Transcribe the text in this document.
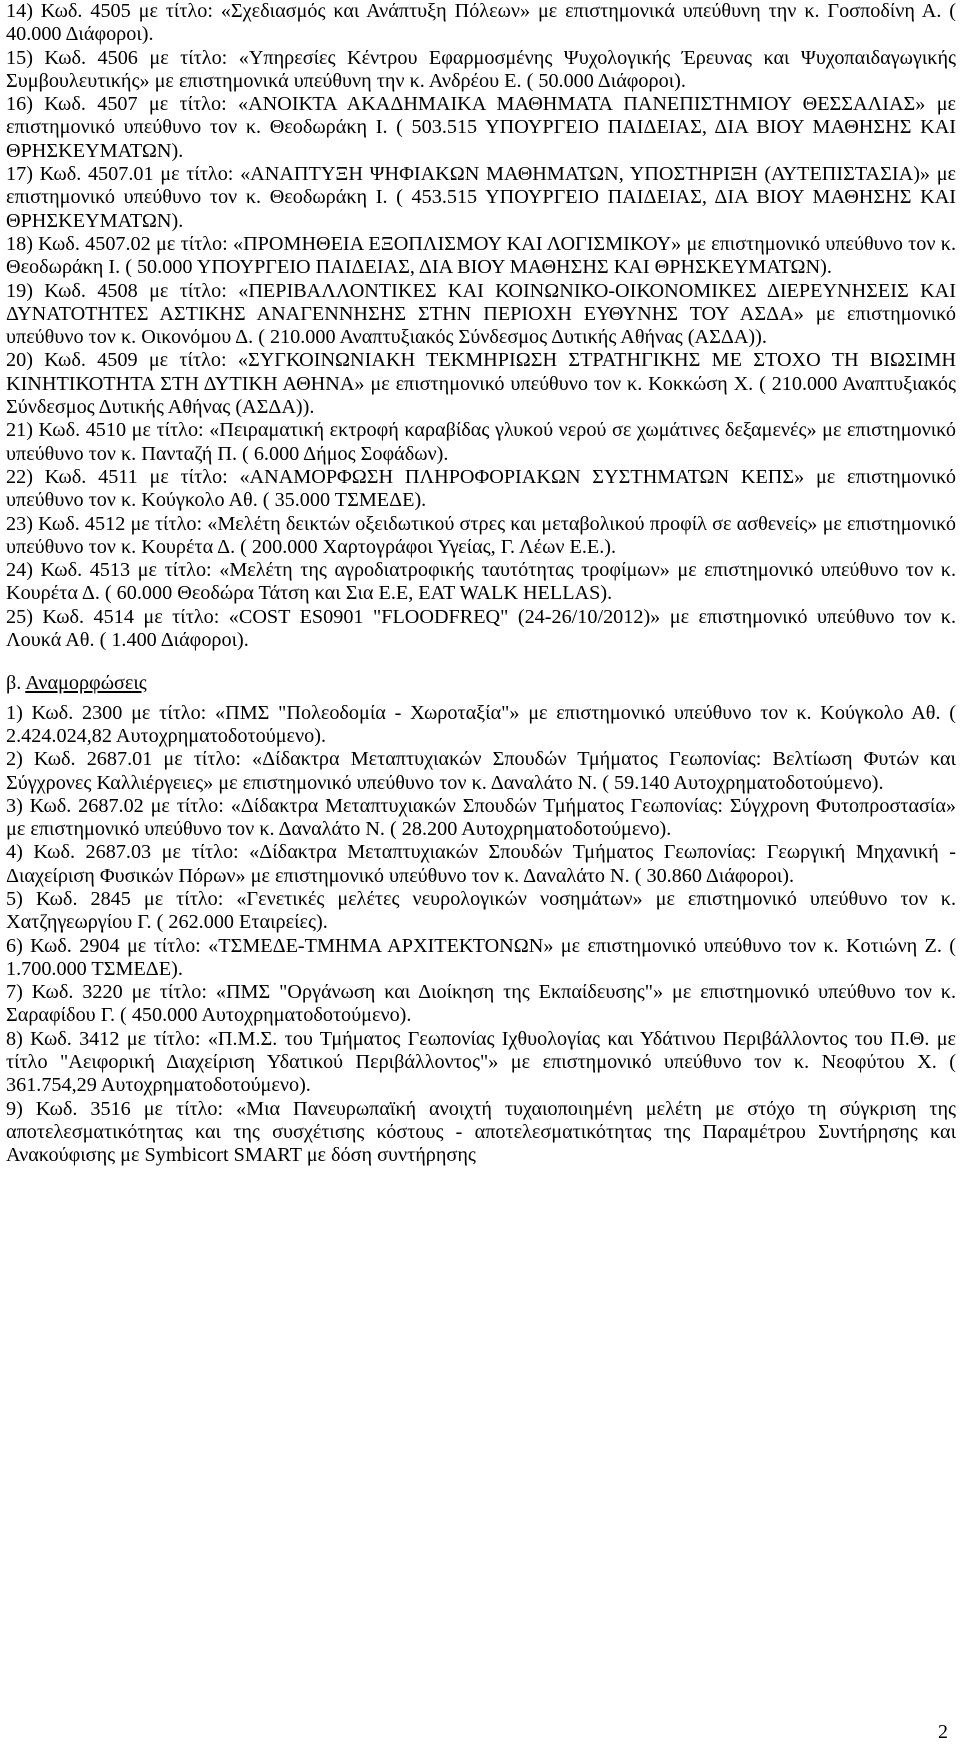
14) Κωδ. 4505 με τίτλο: «Σχεδιασμός και Ανάπτυξη Πόλεων» με επιστημονικά υπεύθυνη την κ. Γοσποδίνη Α. ( 40.000 Διάφοροι).

15) Κωδ. 4506 με τίτλο: «Υπηρεσίες Κέντρου Εφαρμοσμένης Ψυχολογικής Έρευνας και Ψυχοπαιδαγωγικής Συμβουλευτικής» με επιστημονικά υπεύθυνη την κ. Ανδρέου Ε. ( 50.000 Διάφοροι).

16) Κωδ. 4507 με τίτλο: «ΑΝΟΙΚΤΑ ΑΚΑΔΗΜΑΙΚΑ ΜΑΘΗΜΑΤΑ ΠΑΝΕΠΙΣΤΗΜΙΟΥ ΘΕΣΣΑΛΙΑΣ» με επιστημονικό υπεύθυνο τον κ. Θεοδωράκη Ι. ( 503.515 ΥΠΟΥΡΓΕΙΟ ΠΑΙΔΕΙΑΣ, ΔΙΑ ΒΙΟΥ ΜΑΘΗΣΗΣ ΚΑΙ ΘΡΗΣΚΕΥΜΑΤΩΝ).

17) Κωδ. 4507.01 με τίτλο: «ΑΝΑΠΤΥΞΗ ΨΗΦΙΑΚΩΝ ΜΑΘΗΜΑΤΩΝ, ΥΠΟΣΤΗΡΙΞΗ (ΑΥΤΕΠΙΣΤΑΣΙΑ)» με επιστημονικό υπεύθυνο τον κ. Θεοδωράκη Ι. ( 453.515 ΥΠΟΥΡΓΕΙΟ ΠΑΙΔΕΙΑΣ, ΔΙΑ ΒΙΟΥ ΜΑΘΗΣΗΣ ΚΑΙ ΘΡΗΣΚΕΥΜΑΤΩΝ).

18) Κωδ. 4507.02 με τίτλο: «ΠΡΟΜΗΘΕΙΑ ΕΞΟΠΛΙΣΜΟΥ ΚΑΙ ΛΟΓΙΣΜΙΚΟΥ» με επιστημονικό υπεύθυνο τον κ. Θεοδωράκη Ι. ( 50.000 ΥΠΟΥΡΓΕΙΟ ΠΑΙΔΕΙΑΣ, ΔΙΑ ΒΙΟΥ ΜΑΘΗΣΗΣ ΚΑΙ ΘΡΗΣΚΕΥΜΑΤΩΝ).

19) Κωδ. 4508 με τίτλο: «ΠΕΡΙΒΑΛΛΟΝΤΙΚΕΣ ΚΑΙ ΚΟΙΝΩΝΙΚΟ-ΟΙΚΟΝΟΜΙΚΕΣ ΔΙΕΡΕΥΝΗΣΕΙΣ ΚΑΙ ΔΥΝΑΤΟΤΗΤΕΣ ΑΣΤΙΚΗΣ ΑΝΑΓΕΝΝΗΣΗΣ ΣΤΗΝ ΠΕΡΙΟΧΗ ΕΥΘΥΝΗΣ ΤΟΥ ΑΣΔΑ» με επιστημονικό υπεύθυνο τον κ. Οικονόμου Δ. ( 210.000 Αναπτυξιακός Σύνδεσμος Δυτικής Αθήνας (ΑΣΔΑ)).

20) Κωδ. 4509 με τίτλο: «ΣΥΓΚΟΙΝΩΝΙΑΚΗ ΤΕΚΜΗΡΙΩΣΗ ΣΤΡΑΤΗΓΙΚΗΣ ΜΕ ΣΤΟΧΟ ΤΗ ΒΙΩΣΙΜΗ ΚΙΝΗΤΙΚΟΤΗΤΑ ΣΤΗ ΔΥΤΙΚΗ ΑΘΗΝΑ» με επιστημονικό υπεύθυνο τον κ. Κοκκώση Χ. ( 210.000 Αναπτυξιακός Σύνδεσμος Δυτικής Αθήνας (ΑΣΔΑ)).

21) Κωδ. 4510 με τίτλο: «Πειραματική εκτροφή καραβίδας γλυκού νερού σε χωμάτινες δεξαμενές» με επιστημονικό υπεύθυνο τον κ. Πανταζή Π. ( 6.000 Δήμος Σοφάδων).

22) Κωδ. 4511 με τίτλο: «ΑΝΑΜΟΡΦΩΣΗ ΠΛΗΡΟΦΟΡΙΑΚΩΝ ΣΥΣΤΗΜΑΤΩΝ ΚΕΠΣ» με επιστημονικό υπεύθυνο τον κ. Κούγκολο Αθ. ( 35.000 ΤΣΜΕΔΕ).

23) Κωδ. 4512 με τίτλο: «Μελέτη δεικτών οξειδωτικού στρες και μεταβολικού προφίλ σε ασθενείς» με επιστημονικό υπεύθυνο τον κ. Κουρέτα Δ. ( 200.000 Χαρτογράφοι Υγείας, Γ. Λέων Ε.Ε.).

24) Κωδ. 4513 με τίτλο: «Μελέτη της αγροδιατροφικής ταυτότητας τροφίμων» με επιστημονικό υπεύθυνο τον κ. Κουρέτα Δ. ( 60.000 Θεοδώρα Τάτση και Σια Ε.Ε, EAT WALK HELLAS).

25) Κωδ. 4514 με τίτλο: «COST ES0901 "FLOODFREQ" (24-26/10/2012)» με επιστημονικό υπεύθυνο τον κ. Λουκά Αθ. ( 1.400 Διάφοροι).

β. Αναμορφώσεις

1) Κωδ. 2300 με τίτλο: «ΠΜΣ "Πολεοδομία - Χωροταξία"» με επιστημονικό υπεύθυνο τον κ. Κούγκολο Αθ. ( 2.424.024,82 Αυτοχρηματοδοτούμενο).

2) Κωδ. 2687.01 με τίτλο: «Δίδακτρα Μεταπτυχιακών Σπουδών Τμήματος Γεωπονίας: Βελτίωση Φυτών και Σύγχρονες Καλλιέργειες» με επιστημονικό υπεύθυνο τον κ. Δαναλάτο Ν. ( 59.140 Αυτοχρηματοδοτούμενο).

3) Κωδ. 2687.02 με τίτλο: «Δίδακτρα Μεταπτυχιακών Σπουδών Τμήματος Γεωπονίας: Σύγχρονη Φυτοπροστασία» με επιστημονικό υπεύθυνο τον κ. Δαναλάτο Ν. ( 28.200 Αυτοχρηματοδοτούμενο).

4) Κωδ. 2687.03 με τίτλο: «Δίδακτρα Μεταπτυχιακών Σπουδών Τμήματος Γεωπονίας: Γεωργική Μηχανική - Διαχείριση Φυσικών Πόρων» με επιστημονικό υπεύθυνο τον κ. Δαναλάτο Ν. ( 30.860 Διάφοροι).

5) Κωδ. 2845 με τίτλο: «Γενετικές μελέτες νευρολογικών νοσημάτων» με επιστημονικό υπεύθυνο τον κ. Χατζηγεωργίου Γ. ( 262.000 Εταιρείες).

6) Κωδ. 2904 με τίτλο: «ΤΣΜΕΔΕ-ΤΜΗΜΑ ΑΡΧΙΤΕΚΤΟΝΩΝ» με επιστημονικό υπεύθυνο τον κ. Κοτιώνη Ζ. ( 1.700.000 ΤΣΜΕΔΕ).

7) Κωδ. 3220 με τίτλο: «ΠΜΣ "Οργάνωση και Διοίκηση της Εκπαίδευσης"» με επιστημονικό υπεύθυνο τον κ. Σαραφίδου Γ. ( 450.000 Αυτοχρηματοδοτούμενο).

8) Κωδ. 3412 με τίτλο: «Π.Μ.Σ. του Τμήματος Γεωπονίας Ιχθυολογίας και Υδάτινου Περιβάλλοντος του Π.Θ. με τίτλο "Αειφορική Διαχείριση Υδατικού Περιβάλλοντος"» με επιστημονικό υπεύθυνο τον κ. Νεοφύτου Χ. ( 361.754,29 Αυτοχρηματοδοτούμενο).

9) Κωδ. 3516 με τίτλο: «Μια Πανευρωπαϊκή ανοιχτή τυχαιοποιημένη μελέτη με στόχο τη σύγκριση της αποτελεσματικότητας και της συσχέτισης κόστους - αποτελεσματικότητας της Παραμέτρου Συντήρησης και Ανακούφισης με Symbicort SMART με δόση συντήρησης

2
